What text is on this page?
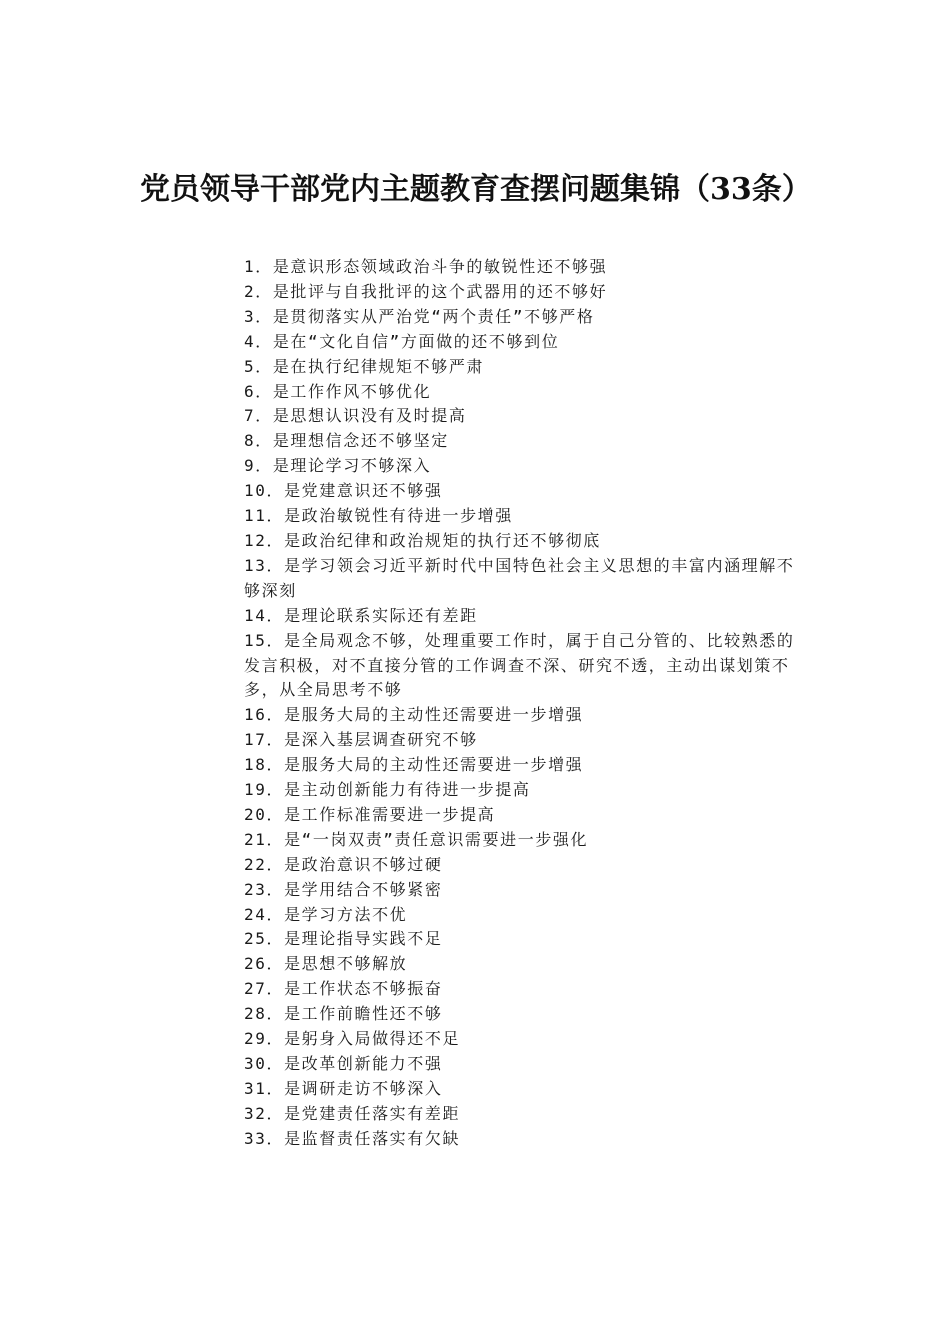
党员领导干部党内主题教育查摆问题集锦（33条）
1．是意识形态领域政治斗争的敏锐性还不够强
2．是批评与自我批评的这个武器用的还不够好
3．是贯彻落实从严治党“两个责任”不够严格
4．是在“文化自信”方面做的还不够到位
5．是在执行纪律规矩不够严肃
6．是工作作风不够优化
7．是思想认识没有及时提高
8．是理想信念还不够坚定
9．是理论学习不够深入
10．是党建意识还不够强
11．是政治敏锐性有待进一步增强
12．是政治纪律和政治规矩的执行还不够彻底
13．是学习领会习近平新时代中国特色社会主义思想的丰富内涵理解不够深刻
14．是理论联系实际还有差距
15．是全局观念不够，处理重要工作时，属于自己分管的、比较熟悉的发言积极，对不直接分管的工作调查不深、研究不透，主动出谋划策不多，从全局思考不够
16．是服务大局的主动性还需要进一步增强
17．是深入基层调查研究不够
18．是服务大局的主动性还需要进一步增强
19．是主动创新能力有待进一步提高
20．是工作标准需要进一步提高
21．是“一岗双责”责任意识需要进一步强化
22．是政治意识不够过硬
23．是学用结合不够紧密
24．是学习方法不优
25．是理论指导实践不足
26．是思想不够解放
27．是工作状态不够振奋
28．是工作前瞻性还不够
29．是躬身入局做得还不足
30．是改革创新能力不强
31．是调研走访不够深入
32．是党建责任落实有差距
33．是监督责任落实有欠缺
